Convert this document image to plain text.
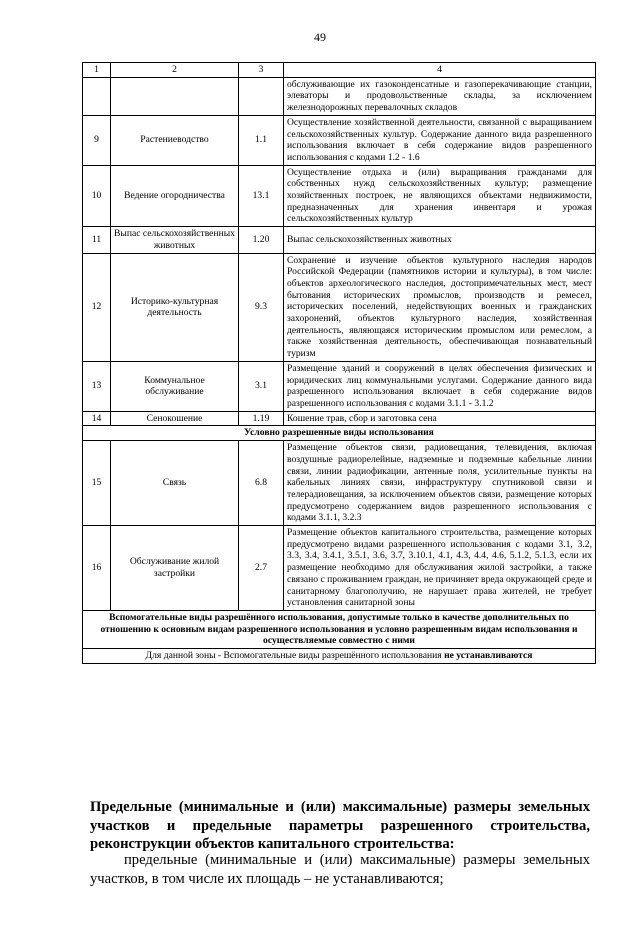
49
1	2	3	4
			обслуживающие их газоконденсатные и газоперекачивающие станции, элеваторы и продовольственные склады, за исключением железнодорожных перевалочных складов
9	Растениеводство	1.1	Осуществление хозяйственной деятельности, связанной с выращиванием сельскохозяйственных культур. Содержание данного вида разрешенного использования включает в себя содержание видов разрешенного использования с кодами 1.2 - 1.6
10	Ведение огородничества	13.1	Осуществление отдыха и (или) выращивания гражданами для собственных нужд сельскохозяйственных культур; размещение хозяйственных построек, не являющихся объектами недвижимости, предназначенных для хранения инвентаря и урожая сельскохозяйственных культур
11	Выпас сельскохозяйственных животных	1.20	Выпас сельскохозяйственных животных
12	Историко-культурная деятельность	9.3	Сохранение и изучение объектов культурного наследия народов Российской Федерации (памятников истории и культуры), в том числе: объектов археологического наследия, достопримечательных мест, мест бытования исторических промыслов, производств и ремесел, исторических поселений, недействующих военных и гражданских захоронений, объектов культурного наследия, хозяйственная деятельность, являющаяся историческим промыслом или ремеслом, а также хозяйственная деятельность, обеспечивающая познавательный туризм
13	Коммунальное обслуживание	3.1	Размещение зданий и сооружений в целях обеспечения физических и юридических лиц коммунальными услугами. Содержание данного вида разрешенного использования включает в себя содержание видов разрешенного использования с кодами 3.1.1 - 3.1.2
14	Сенокошение	1.19	Кошение трав, сбор и заготовка сена
Условно разрешенные виды использования			
15	Связь	6.8	Размещение объектов связи, радиовещания, телевидения, включая воздушные радиорелейные, надземные и подземные кабельные линии связи, линии радиофикации, антенные поля, усилительные пункты на кабельных линиях связи, инфраструктуру спутниковой связи и телерадиовещания, за исключением объектов связи, размещение которых предусмотрено содержанием видов разрешенного использования с кодами 3.1.1, 3.2.3
16	Обслуживание жилой застройки	2.7	Размещение объектов капитального строительства, размещение которых предусмотрено видами разрешенного использования с кодами 3.1, 3.2, 3.3, 3.4, 3.4.1, 3.5.1, 3.6, 3.7, 3.10.1, 4.1, 4.3, 4.4, 4.6, 5.1.2, 5.1.3, если их размещение необходимо для обслуживания жилой застройки, а также связано с проживанием граждан, не причиняет вреда окружающей среде и санитарному благополучию, не нарушает права жителей, не требует установления санитарной зоны
Вспомогательные виды разрешённого использования, допустимые только в качестве дополнительных по отношению к основным видам разрешенного использования и условно разрешенным видам использования и осуществляемые совместно с ними			
Для данной зоны - Вспомогательные виды разрешённого использования не устанавливаются			
Предельные (минимальные и (или) максимальные) размеры земельных участков и предельные параметры разрешенного строительства, реконструкции объектов капитального строительства:
предельные (минимальные и (или) максимальные) размеры земельных участков, в том числе их площадь – не устанавливаются;
